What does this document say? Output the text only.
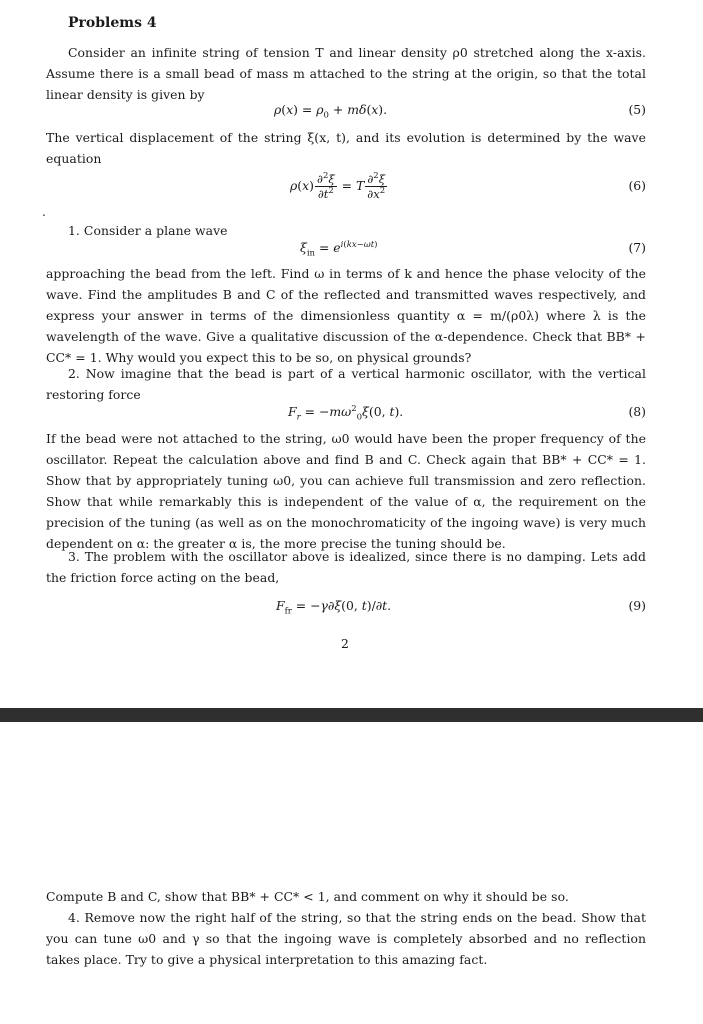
Problems 4
Consider an infinite string of tension T and linear density ρ0 stretched along the x-axis. Assume there is a small bead of mass m attached to the string at the origin, so that the total linear density is given by
$\rho(x) = \rho_0 + m\delta(x)$.	(5)
The vertical displacement of the string ξ(x, t), and its evolution is determined by the wave equation
$\rho(x) \frac{\partial^2\xi}{\partial t^2} = T \frac{\partial^2\xi}{\partial x^2}$	(6)
.
1. Consider a plane wave
$\xi_{in} = e^{i(kx-\omega t)}$	(7)
approaching the bead from the left. Find ω in terms of k and hence the phase velocity of the wave. Find the amplitudes B and C of the reflected and transmitted waves respectively, and express your answer in terms of the dimensionless quantity α = m/(ρ0λ) where λ is the wavelength of the wave. Give a qualitative discussion of the α-dependence. Check that BB* + CC* = 1. Why would you expect this to be so, on physical grounds?
2. Now imagine that the bead is part of a vertical harmonic oscillator, with the vertical restoring force
$F_r = -m\omega^2_0\xi(0$, t).	(8)
If the bead were not attached to the string, ω0 would have been the proper frequency of the oscillator. Repeat the calculation above and find B and C. Check again that BB* + CC* = 1. Show that by appropriately tuning ω0, you can achieve full transmission and zero reflection. Show that while remarkably this is independent of the value of α, the requirement on the precision of the tuning (as well as on the monochromaticity of the ingoing wave) is very much dependent on α: the greater α is, the more precise the tuning should be.
3. The problem with the oscillator above is idealized, since there is no damping. Lets add the friction force acting on the bead,
$F_{fr} = -\gamma\partial\xi(0$, t)/∂t.	(9)
2
Compute B and C, show that BB* + CC* < 1, and comment on why it should be so.
4. Remove now the right half of the string, so that the string ends on the bead. Show that you can tune ω0 and γ so that the ingoing wave is completely absorbed and no reflection takes place. Try to give a physical interpretation to this amazing fact.
